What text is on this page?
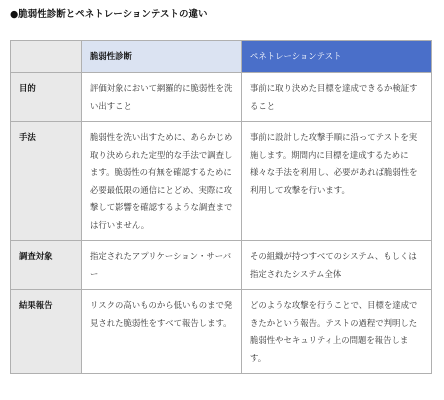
●脆弱性診断とペネトレーションテストの違い
	脆弱性診断	ペネトレーションテスト
目的	評価対象において網羅的に脆弱性を洗い出すこと	事前に取り決めた目標を達成できるか検証すること
手法	脆弱性を洗い出すために、あらかじめ取り決められた定型的な手法で調査します。脆弱性の有無を確認するために必要最低限の通信にとどめ、実際に攻撃して影響を確認するような調査までは行いません。	事前に設計した攻撃手順に沿ってテストを実施します。期間内に目標を達成するために様々な手法を利用し、必要があれば脆弱性を利用して攻撃を行います。
調査対象	指定されたアプリケーション・サーバー	その組織が持つすべてのシステム、もしくは指定されたシステム全体
結果報告	リスクの高いものから低いものまで発見された脆弱性をすべて報告します。	どのような攻撃を行うことで、目標を達成できたかという報告。テストの過程で判明した脆弱性やセキュリティ上の問題を報告します。
